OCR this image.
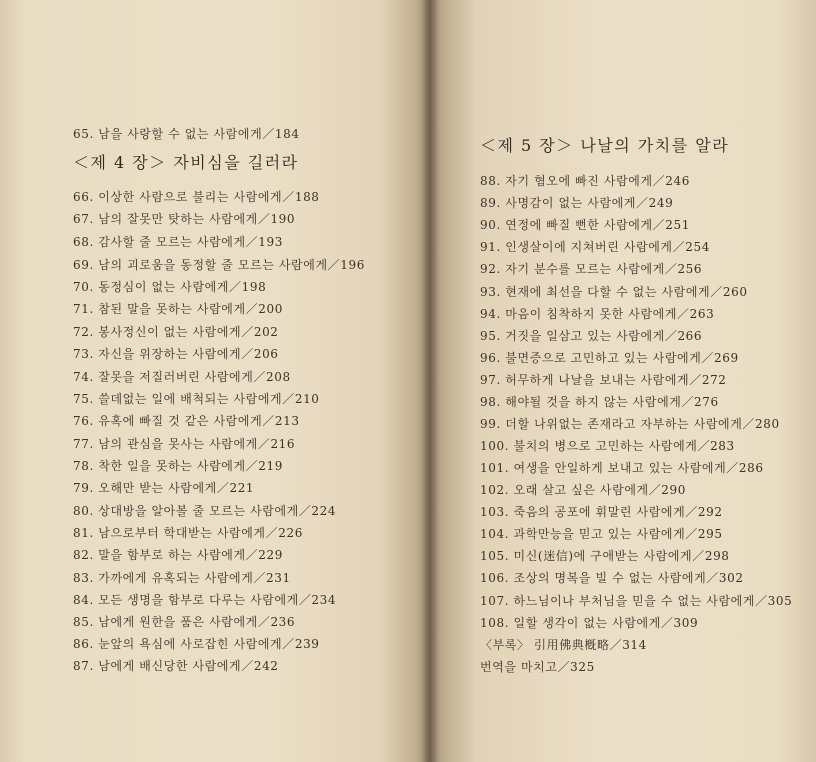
65. 남을 사랑할 수 없는 사람에게／184
＜제 4 장＞ 자비심을 길러라
66. 이상한 사람으로 불리는 사람에게／188
67. 남의 잘못만 탓하는 사람에게／190
68. 감사할 줄 모르는 사람에게／193
69. 남의 괴로움을 동정할 줄 모르는 사람에게／196
70. 동정심이 없는 사람에게／198
71. 참된 말을 못하는 사람에게／200
72. 봉사정신이 없는 사람에게／202
73. 자신을 위장하는 사람에게／206
74. 잘못을 저질러버린 사람에게／208
75. 쓸데없는 일에 배척되는 사람에게／210
76. 유혹에 빠질 것 같은 사람에게／213
77. 남의 관심을 못사는 사람에게／216
78. 착한 일을 못하는 사람에게／219
79. 오해만 받는 사람에게／221
80. 상대방을 알아볼 줄 모르는 사람에게／224
81. 남으로부터 학대받는 사람에게／226
82. 말을 함부로 하는 사람에게／229
83. 가까에게 유혹되는 사람에게／231
84. 모든 생명을 함부로 다루는 사람에게／234
85. 남에게 원한을 품은 사람에게／236
86. 눈앞의 욕심에 사로잡힌 사람에게／239
87. 남에게 배신당한 사람에게／242
＜제 5 장＞ 나날의 가치를 알라
88. 자기 혐오에 빠진 사람에게／246
89. 사명감이 없는 사람에게／249
90. 연정에 빠질 뻔한 사람에게／251
91. 인생살이에 지쳐버린 사람에게／254
92. 자기 분수를 모르는 사람에게／256
93. 현재에 최선을 다할 수 없는 사람에게／260
94. 마음이 침착하지 못한 사람에게／263
95. 거짓을 일삼고 있는 사람에게／266
96. 불면증으로 고민하고 있는 사람에게／269
97. 허무하게 나날을 보내는 사람에게／272
98. 해야될 것을 하지 않는 사람에게／276
99. 더할 나위없는 존재라고 자부하는 사람에게／280
100. 불치의 병으로 고민하는 사람에게／283
101. 여생을 안일하게 보내고 있는 사람에게／286
102. 오래 살고 싶은 사람에게／290
103. 죽음의 공포에 휘말린 사람에게／292
104. 과학만능을 믿고 있는 사람에게／295
105. 미신(迷信)에 구애받는 사람에게／298
106. 조상의 명복을 빌 수 없는 사람에게／302
107. 하느님이나 부처님을 믿을 수 없는 사람에게／305
108. 일할 생각이 없는 사람에게／309
〈부록〉 引用佛典槪略／314
번역을 마치고／325
